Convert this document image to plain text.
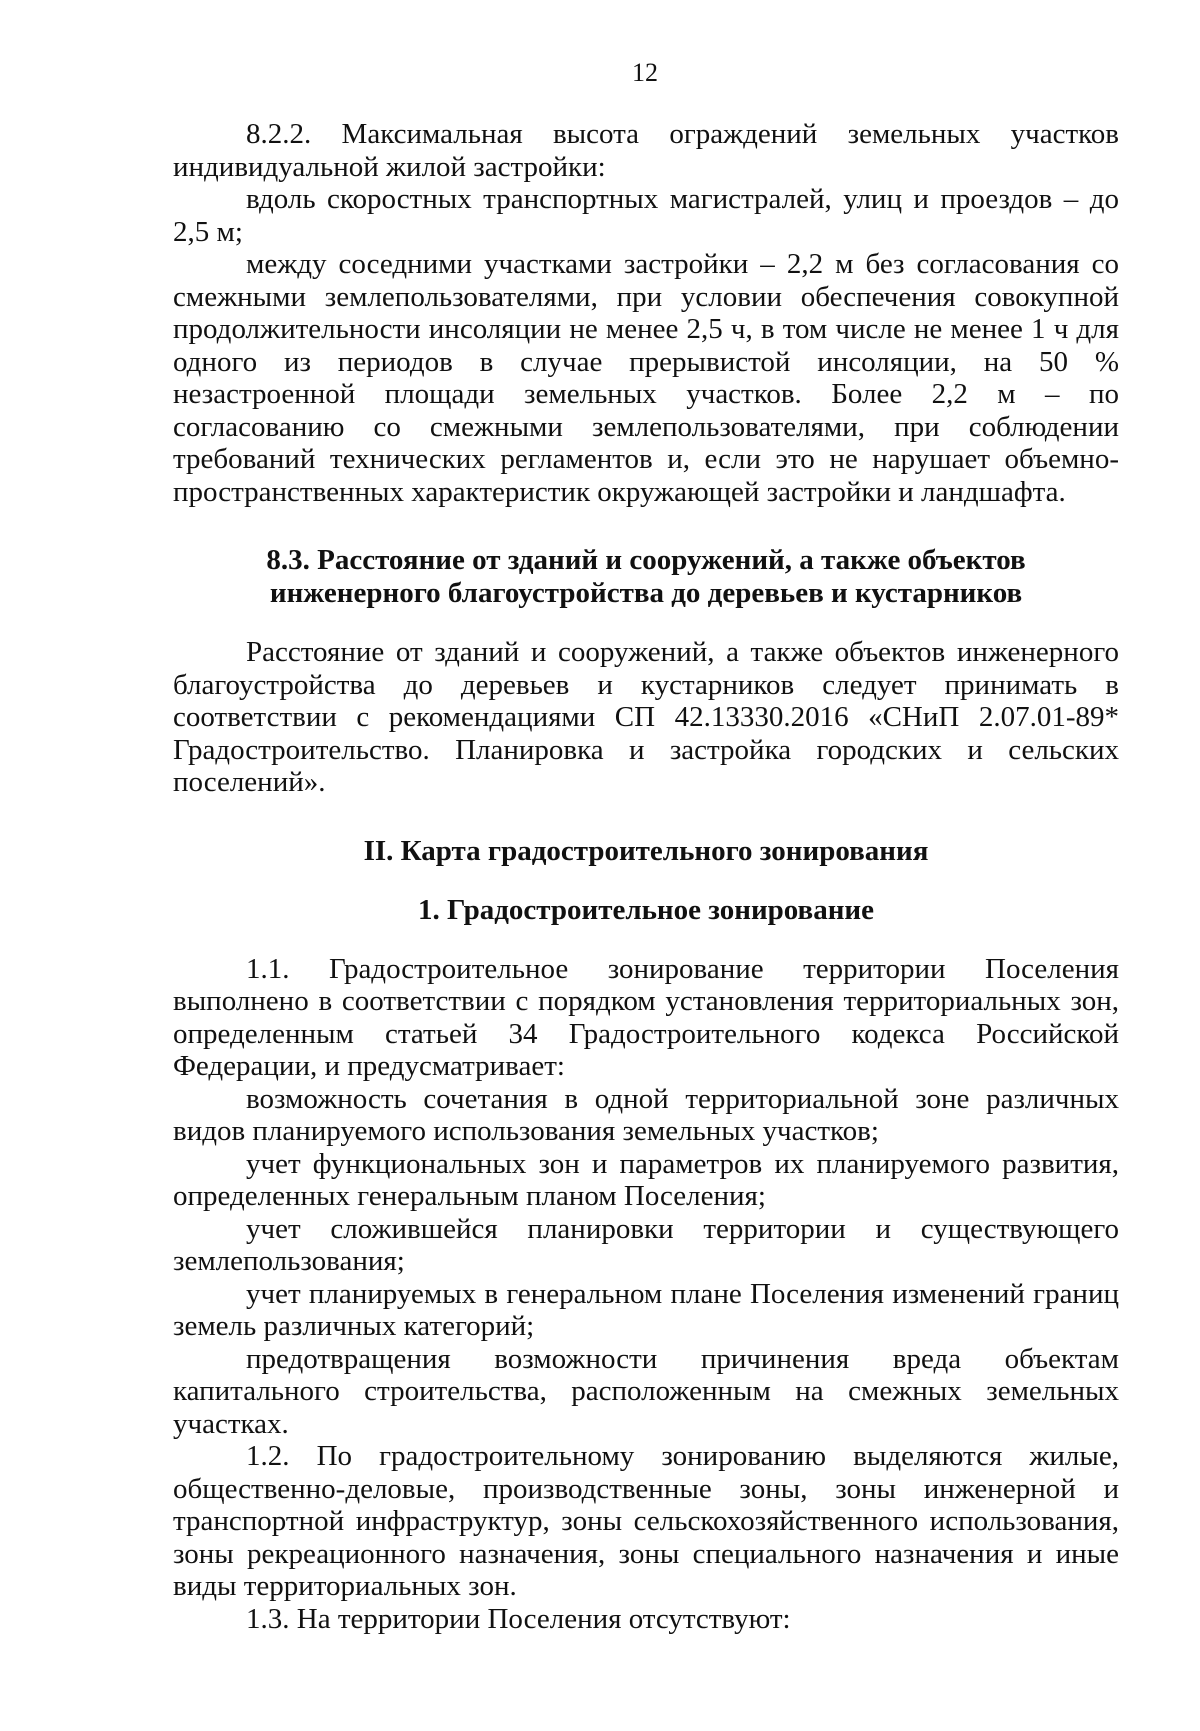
12

8.2.2. Максимальная высота ограждений земельных участков индивидуальной жилой застройки:

вдоль скоростных транспортных магистралей, улиц и проездов – до 2,5 м;

между соседними участками застройки – 2,2 м без согласования со смежными землепользователями, при условии обеспечения совокупной продолжительности инсоляции не менее 2,5 ч, в том числе не менее 1 ч для одного из периодов в случае прерывистой инсоляции, на 50 % незастроенной площади земельных участков. Более 2,2 м – по согласованию со смежными землепользователями, при соблюдении требований технических регламентов и, если это не нарушает объемно-пространственных характеристик окружающей застройки и ландшафта.

8.3. Расстояние от зданий и сооружений, а также объектов

инженерного благоустройства до деревьев и кустарников

Расстояние от зданий и сооружений, а также объектов инженерного благоустройства до деревьев и кустарников следует принимать в соответствии с рекомендациями СП 42.13330.2016 «СНиП 2.07.01-89* Градостроительство. Планировка и застройка городских и сельских поселений».

II. Карта градостроительного зонирования

1. Градостроительное зонирование

1.1. Градостроительное зонирование территории Поселения выполнено в соответствии с порядком установления территориальных зон, определенным статьей 34 Градостроительного кодекса Российской Федерации, и предусматривает:

возможность сочетания в одной территориальной зоне различных видов планируемого использования земельных участков;

учет функциональных зон и параметров их планируемого развития, определенных генеральным планом Поселения;

учет сложившейся планировки территории и существующего землепользования;

учет планируемых в генеральном плане Поселения изменений границ земель различных категорий;

предотвращения возможности причинения вреда объектам капитального строительства, расположенным на смежных земельных участках.

1.2. По градостроительному зонированию выделяются жилые, общественно-деловые, производственные зоны, зоны инженерной и транспортной инфраструктур, зоны сельскохозяйственного использования, зоны рекреационного назначения, зоны специального назначения и иные виды территориальных зон.

1.3. На территории Поселения отсутствуют:
